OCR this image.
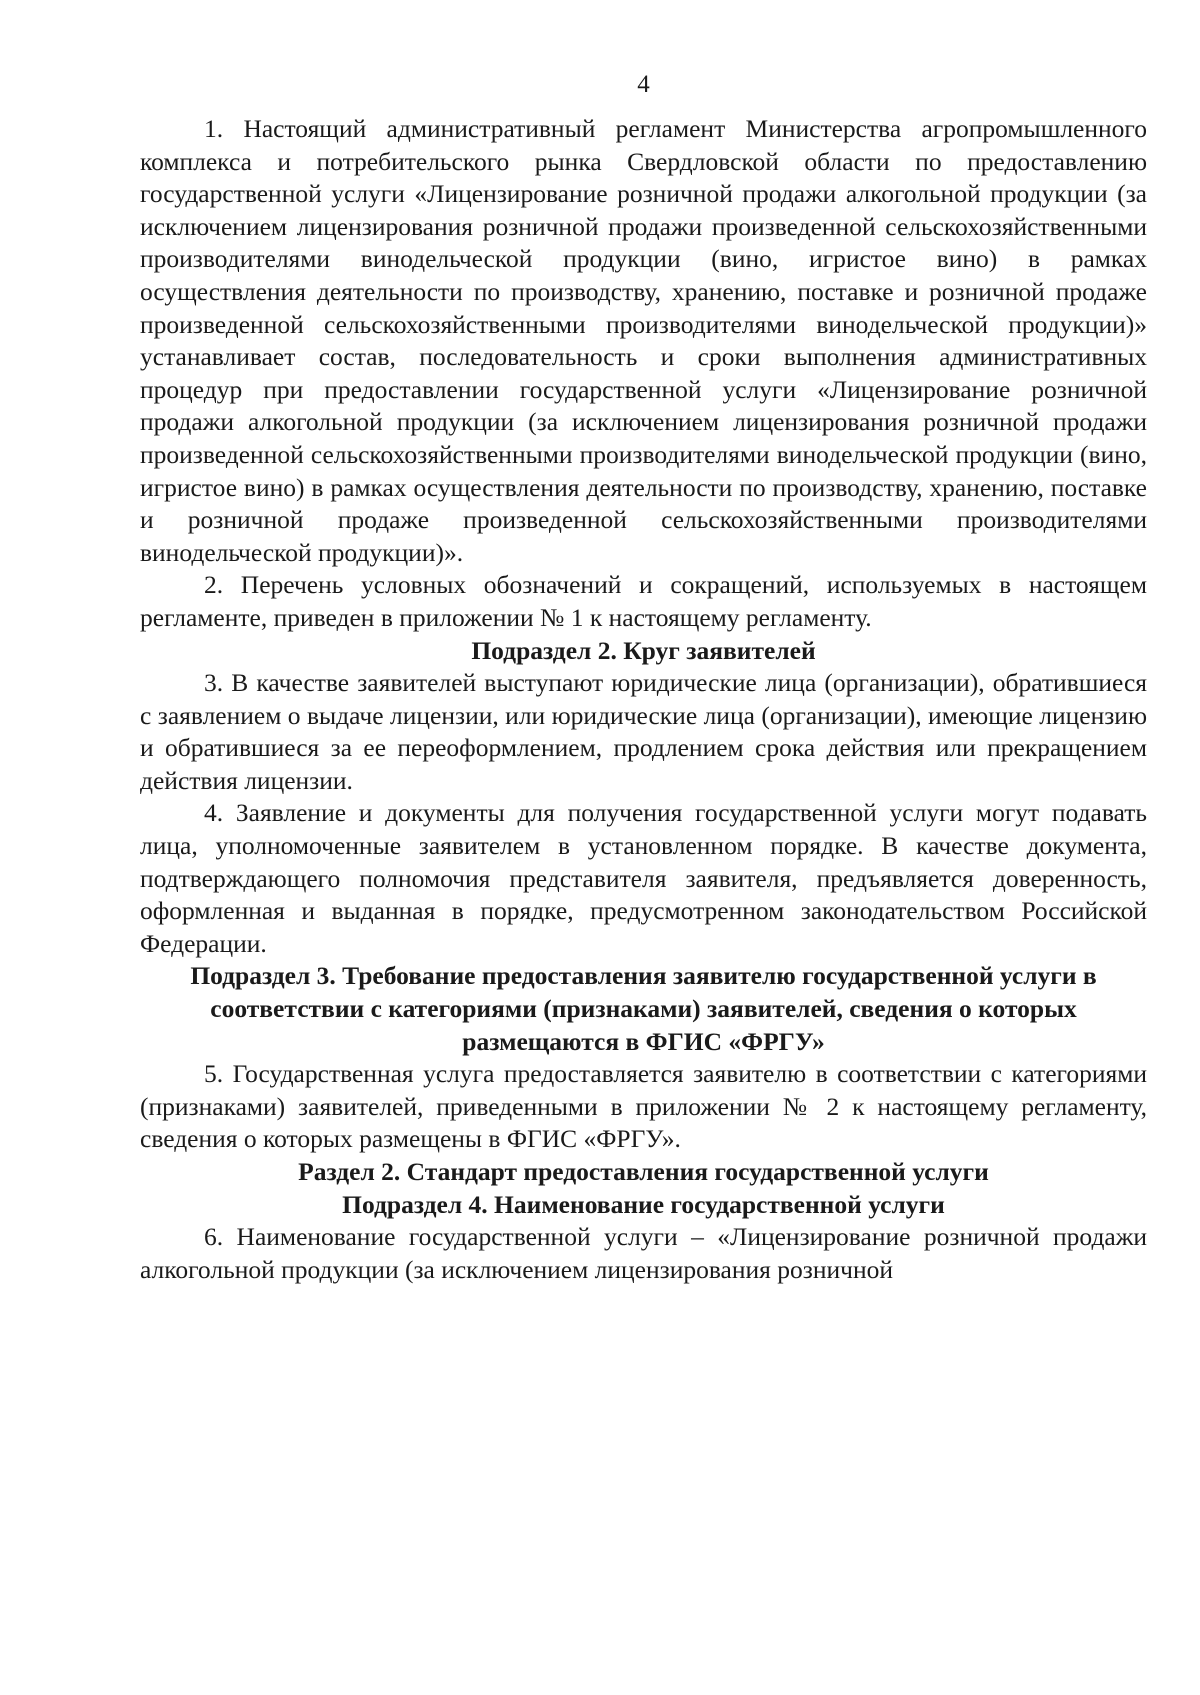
4

1. Настоящий административный регламент Министерства агропромышленного комплекса и потребительского рынка Свердловской области по предоставлению государственной услуги «Лицензирование розничной продажи алкогольной продукции (за исключением лицензирования розничной продажи произведенной сельскохозяйственными производителями винодельческой продукции (вино, игристое вино) в рамках осуществления деятельности по производству, хранению, поставке и розничной продаже произведенной сельскохозяйственными производителями винодельческой продукции)» устанавливает состав, последовательность и сроки выполнения административных процедур при предоставлении государственной услуги «Лицензирование розничной продажи алкогольной продукции (за исключением лицензирования розничной продажи произведенной сельскохозяйственными производителями винодельческой продукции (вино, игристое вино) в рамках осуществления деятельности по производству, хранению, поставке и розничной продаже произведенной сельскохозяйственными производителями винодельческой продукции)».

2. Перечень условных обозначений и сокращений, используемых в настоящем регламенте, приведен в приложении № 1 к настоящему регламенту.

Подраздел 2. Круг заявителей

3. В качестве заявителей выступают юридические лица (организации), обратившиеся с заявлением о выдаче лицензии, или юридические лица (организации), имеющие лицензию и обратившиеся за ее переоформлением, продлением срока действия или прекращением действия лицензии.

4. Заявление и документы для получения государственной услуги могут подавать лица, уполномоченные заявителем в установленном порядке. В качестве документа, подтверждающего полномочия представителя заявителя, предъявляется доверенность, оформленная и выданная в порядке, предусмотренном законодательством Российской Федерации.

Подраздел 3. Требование предоставления заявителю государственной услуги в соответствии с категориями (признаками) заявителей, сведения о которых размещаются в ФГИС «ФРГУ»

5. Государственная услуга предоставляется заявителю в соответствии с категориями (признаками) заявителей, приведенными в приложении № 2 к настоящему регламенту, сведения о которых размещены в ФГИС «ФРГУ».

Раздел 2. Стандарт предоставления государственной услуги
Подраздел 4. Наименование государственной услуги

6. Наименование государственной услуги – «Лицензирование розничной продажи алкогольной продукции (за исключением лицензирования розничной
